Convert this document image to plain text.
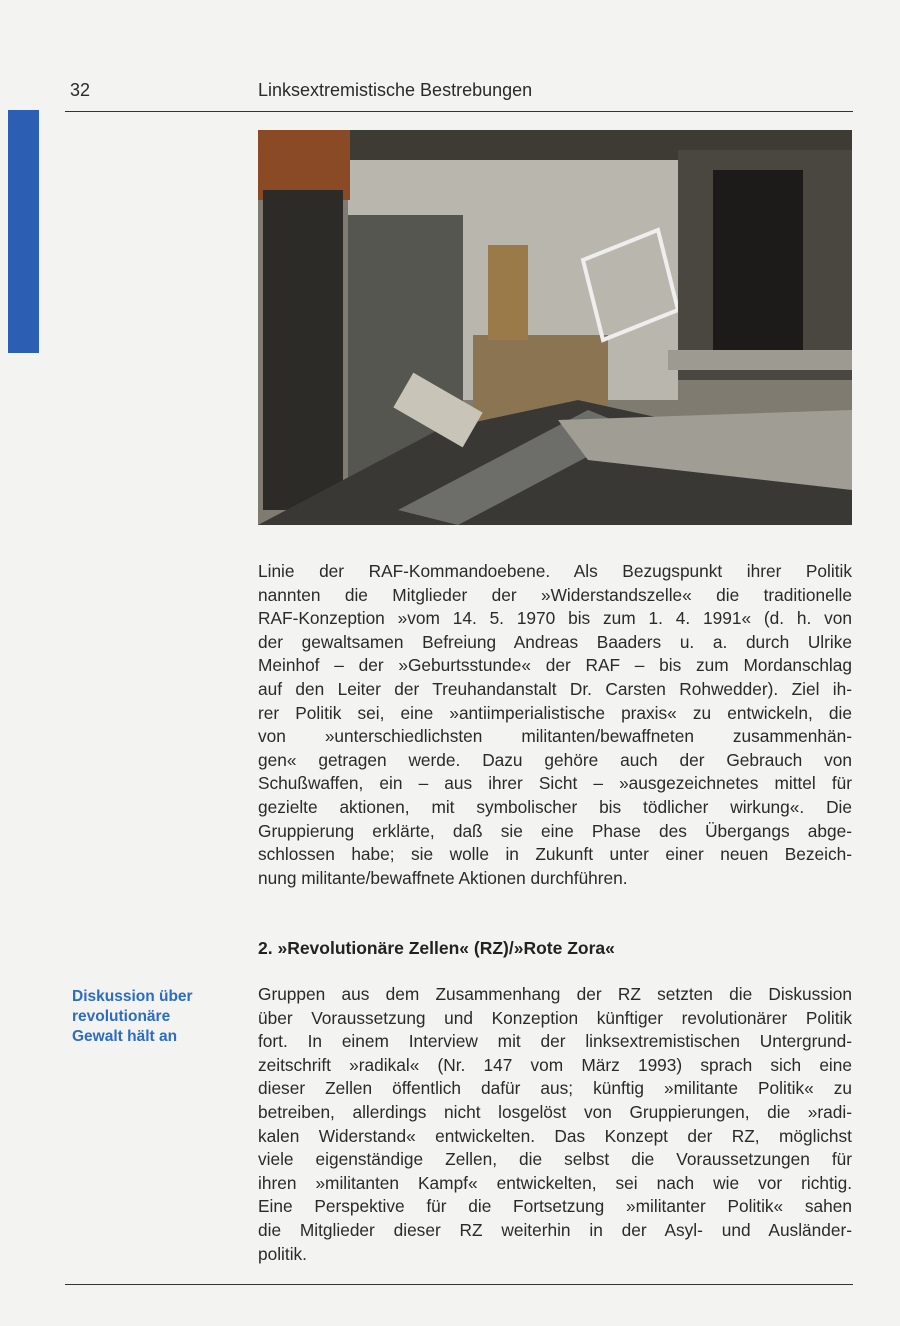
32	Linksextremistische Bestrebungen
Linie der RAF-Kommandoebene. Als Bezugspunkt ihrer Politik
nannten die Mitglieder der »Widerstandszelle« die traditionelle
RAF-Konzeption »vom 14. 5. 1970 bis zum 1. 4. 1991« (d. h. von
der gewaltsamen Befreiung Andreas Baaders u. a. durch Ulrike
Meinhof – der »Geburtsstunde« der RAF – bis zum Mordanschlag
auf den Leiter der Treuhandanstalt Dr. Carsten Rohwedder). Ziel ih-
rer Politik sei, eine »antiimperialistische praxis« zu entwickeln, die
von »unterschiedlichsten militanten/bewaffneten zusammenhän-
gen« getragen werde. Dazu gehöre auch der Gebrauch von
Schußwaffen, ein – aus ihrer Sicht – »ausgezeichnetes mittel für
gezielte aktionen, mit symbolischer bis tödlicher wirkung«. Die
Gruppierung erklärte, daß sie eine Phase des Übergangs abge-
schlossen habe; sie wolle in Zukunft unter einer neuen Bezeich-
nung militante/bewaffnete Aktionen durchführen.
2. »Revolutionäre Zellen« (RZ)/»Rote Zora«
Diskussion über
revolutionäre
Gewalt hält an
Gruppen aus dem Zusammenhang der RZ setzten die Diskussion
über Voraussetzung und Konzeption künftiger revolutionärer Politik
fort. In einem Interview mit der linksextremistischen Untergrund-
zeitschrift »radikal« (Nr. 147 vom März 1993) sprach sich eine
dieser Zellen öffentlich dafür aus; künftig »militante Politik« zu
betreiben, allerdings nicht losgelöst von Gruppierungen, die »radi-
kalen Widerstand« entwickelten. Das Konzept der RZ, möglichst
viele eigenständige Zellen, die selbst die Voraussetzungen für
ihren »militanten Kampf« entwickelten, sei nach wie vor richtig.
Eine Perspektive für die Fortsetzung »militanter Politik« sahen
die Mitglieder dieser RZ weiterhin in der Asyl- und Ausländer-
politik.
